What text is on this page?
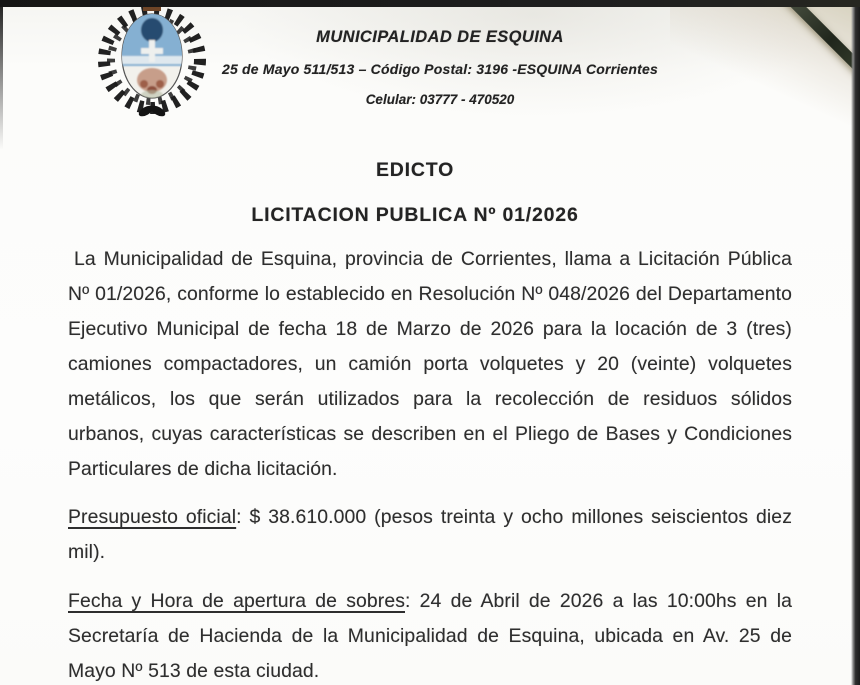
MUNICIPALIDAD DE ESQUINA
25 de Mayo 511/513 – Código Postal: 3196 -ESQUINA Corrientes
Celular: 03777 - 470520
EDICTO
LICITACION PUBLICA Nº 01/2026

La Municipalidad de Esquina, provincia de Corrientes, llama a Licitación Pública Nº 01/2026, conforme lo establecido en Resolución Nº 048/2026 del Departamento Ejecutivo Municipal de fecha 18 de Marzo de 2026 para la locación de 3 (tres) camiones compactadores, un camión porta volquetes y 20 (veinte) volquetes metálicos, los que serán utilizados para la recolección de residuos sólidos urbanos, cuyas características se describen en el Pliego de Bases y Condiciones Particulares de dicha licitación.

Presupuesto oficial: $ 38.610.000 (pesos treinta y ocho millones seiscientos diez mil).

Fecha y Hora de apertura de sobres: 24 de Abril de 2026 a las 10:00hs en la Secretaría de Hacienda de la Municipalidad de Esquina, ubicada en Av. 25 de Mayo Nº 513 de esta ciudad.
